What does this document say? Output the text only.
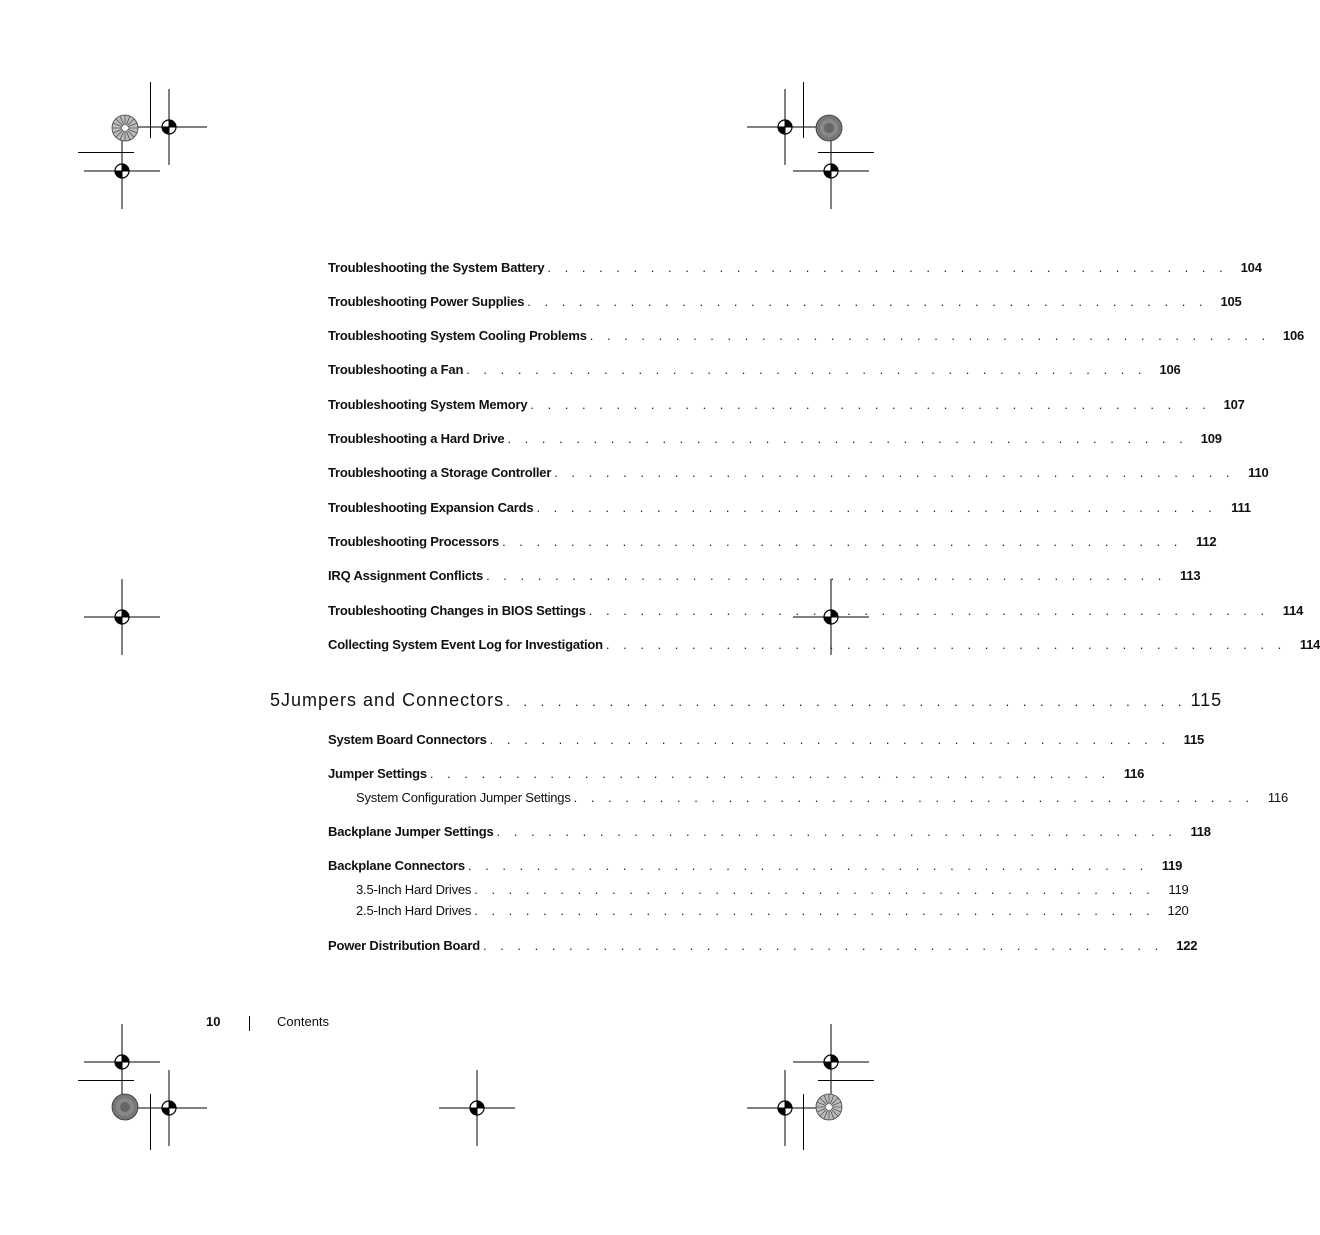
Troubleshooting the System Battery . . . . . . . . . . . . . . . . . . . . . . . . . . . . . . . . . . . . . . . . 104
Troubleshooting Power Supplies . . . . . . . . . . . . . . . . . . . . . . . . . . . . . . . . . . . . . . . . 105
Troubleshooting System Cooling Problems . . . . . . . . . . . . . . . . . . . . . . . . . . . . . . . . . . . . . . . . 106
Troubleshooting a Fan . . . . . . . . . . . . . . . . . . . . . . . . . . . . . . . . . . . . . . . . 106
Troubleshooting System Memory . . . . . . . . . . . . . . . . . . . . . . . . . . . . . . . . . . . . . . . . 107
Troubleshooting a Hard Drive . . . . . . . . . . . . . . . . . . . . . . . . . . . . . . . . . . . . . . . . 109
Troubleshooting a Storage Controller . . . . . . . . . . . . . . . . . . . . . . . . . . . . . . . . . . . . . . . .	110
Troubleshooting Expansion Cards . . . . . . . . . . . . . . . . . . . . . . . . . . . . . . . . . . . . . . . .	111
Troubleshooting Processors . . . . . . . . . . . . . . . . . . . . . . . . . . . . . . . . . . . . . . . .	112
IRQ Assignment Conflicts . . . . . . . . . . . . . . . . . . . . . . . . . . . . . . . . . . . . . . . .	113
Troubleshooting Changes in BIOS Settings . . . . . . . . . . . . . . . . . . . . . . . . . . . . . . . . . . . . . . . .	114
Collecting System Event Log for Investigation . . . . . . . . . . . . . . . . . . . . . . . . . . . . . . . . . . . . . . . .	114
5 Jumpers and Connectors . . . . . . . . . . . . . . . . . . . . . . . . . . . . . . . . . . . . . . . . 115
System Board Connectors . . . . . . . . . . . . . . . . . . . . . . . . . . . . . . . . . . . . . . . .	115
Jumper Settings . . . . . . . . . . . . . . . . . . . . . . . . . . . . . . . . . . . . . . . .	116
System Configuration Jumper Settings . . . . . . . . . . . . . . . . . . . . . . . . . . . . . . . . . . . . . . . .	116
Backplane Jumper Settings . . . . . . . . . . . . . . . . . . . . . . . . . . . . . . . . . . . . . . . .	118
Backplane Connectors . . . . . . . . . . . . . . . . . . . . . . . . . . . . . . . . . . . . . . . .	119
3.5-Inch Hard Drives . . . . . . . . . . . . . . . . . . . . . . . . . . . . . . . . . . . . . . . .	119
2.5-Inch Hard Drives . . . . . . . . . . . . . . . . . . . . . . . . . . . . . . . . . . . . . . . . 120
Power Distribution Board . . . . . . . . . . . . . . . . . . . . . . . . . . . . . . . . . . . . . . . . 122
10	Contents
